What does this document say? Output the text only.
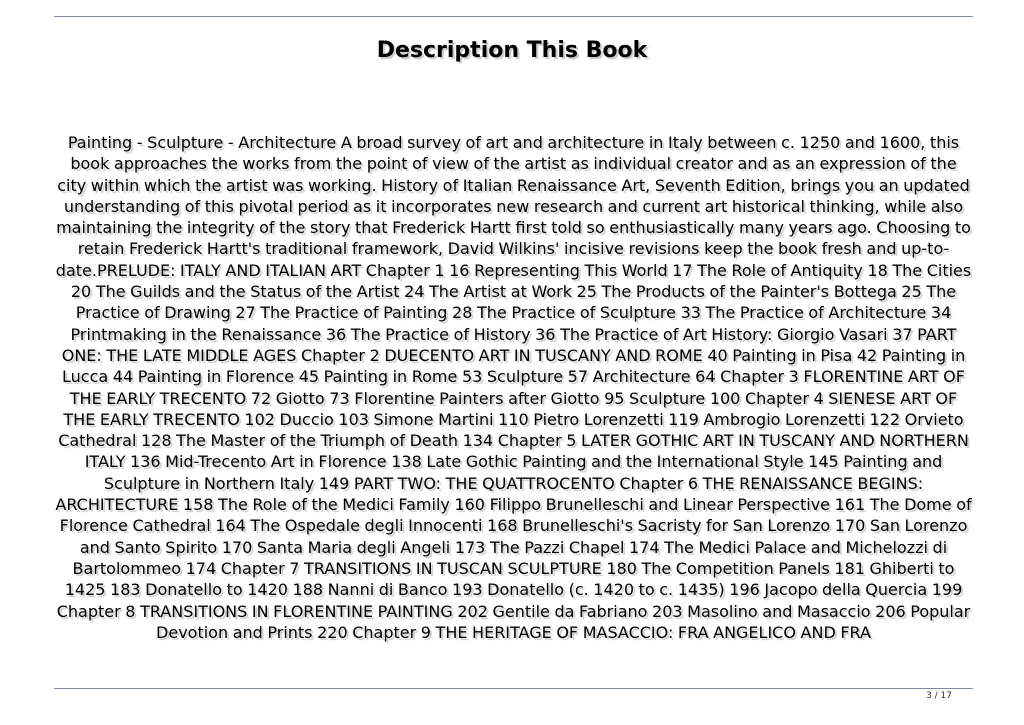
Description This Book

Painting - Sculpture - Architecture A broad survey of art and architecture in Italy between c. 1250 and 1600, this book approaches the works from the point of view of the artist as individual creator and as an expression of the city within which the artist was working. History of Italian Renaissance Art, Seventh Edition, brings you an updated understanding of this pivotal period as it incorporates new research and current art historical thinking, while also maintaining the integrity of the story that Frederick Hartt first told so enthusiastically many years ago. Choosing to retain Frederick Hartt's traditional framework, David Wilkins' incisive revisions keep the book fresh and up-to-date.PRELUDE: ITALY AND ITALIAN ART Chapter 1 16 Representing This World 17 The Role of Antiquity 18 The Cities 20 The Guilds and the Status of the Artist 24 The Artist at Work 25 The Products of the Painter's Bottega 25 The Practice of Drawing 27 The Practice of Painting 28 The Practice of Sculpture 33 The Practice of Architecture 34 Printmaking in the Renaissance 36 The Practice of History 36 The Practice of Art History: Giorgio Vasari 37 PART ONE: THE LATE MIDDLE AGES Chapter 2 DUECENTO ART IN TUSCANY AND ROME 40 Painting in Pisa 42 Painting in Lucca 44 Painting in Florence 45 Painting in Rome 53 Sculpture 57 Architecture 64 Chapter 3 FLORENTINE ART OF THE EARLY TRECENTO 72 Giotto 73 Florentine Painters after Giotto 95 Sculpture 100 Chapter 4 SIENESE ART OF THE EARLY TRECENTO 102 Duccio 103 Simone Martini 110 Pietro Lorenzetti 119 Ambrogio Lorenzetti 122 Orvieto Cathedral 128 The Master of the Triumph of Death 134 Chapter 5 LATER GOTHIC ART IN TUSCANY AND NORTHERN ITALY 136 Mid-Trecento Art in Florence 138 Late Gothic Painting and the International Style 145 Painting and Sculpture in Northern Italy 149 PART TWO: THE QUATTROCENTO Chapter 6 THE RENAISSANCE BEGINS: ARCHITECTURE 158 The Role of the Medici Family 160 Filippo Brunelleschi and Linear Perspective 161 The Dome of Florence Cathedral 164 The Ospedale degli Innocenti 168 Brunelleschi's Sacristy for San Lorenzo 170 San Lorenzo and Santo Spirito 170 Santa Maria degli Angeli 173 The Pazzi Chapel 174 The Medici Palace and Michelozzi di Bartolommeo 174 Chapter 7 TRANSITIONS IN TUSCAN SCULPTURE 180 The Competition Panels 181 Ghiberti to 1425 183 Donatello to 1420 188 Nanni di Banco 193 Donatello (c. 1420 to c. 1435) 196 Jacopo della Quercia 199 Chapter 8 TRANSITIONS IN FLORENTINE PAINTING 202 Gentile da Fabriano 203 Masolino and Masaccio 206 Popular Devotion and Prints 220 Chapter 9 THE HERITAGE OF MASACCIO: FRA ANGELICO AND FRA

3 / 17
